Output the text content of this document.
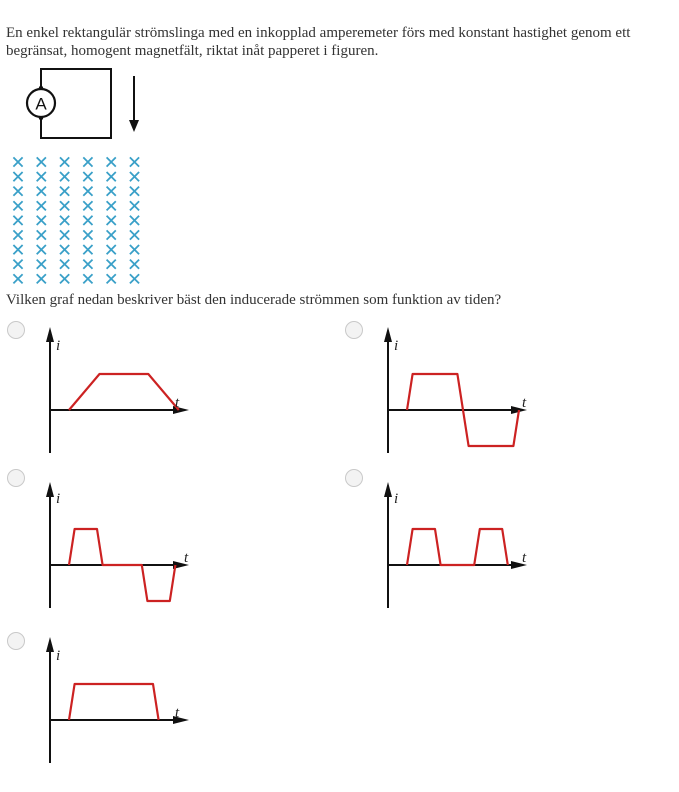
En enkel rektangulär strömslinga med en inkopplad amperemeter förs med konstant hastighet genom ett begränsat, homogent magnetfält, riktat inåt papperet i figuren.

A

Vilken graf nedan beskriver bäst den inducerade strömmen som funktion av tiden?

i
t
i
t
i
t
i
t
i
t
